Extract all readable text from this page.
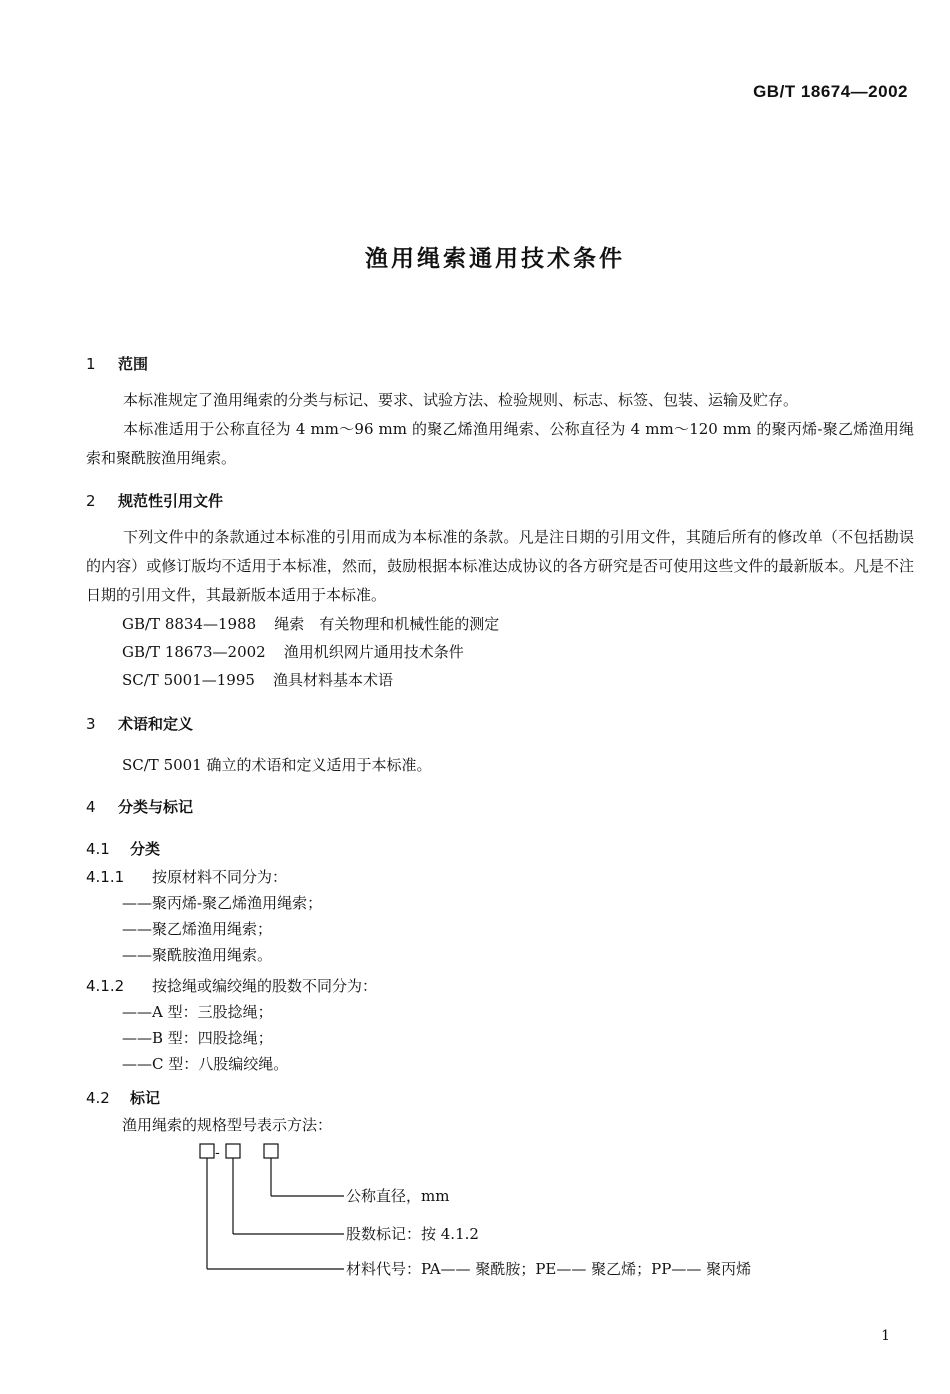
GB/T 18674—2002
渔用绳索通用技术条件
1 范围

本标准规定了渔用绳索的分类与标记、要求、试验方法、检验规则、标志、标签、包装、运输及贮存。

本标准适用于公称直径为 4 mm～96 mm 的聚乙烯渔用绳索、公称直径为 4 mm～120 mm 的聚丙烯-聚乙烯渔用绳索和聚酰胺渔用绳索。

2 规范性引用文件

下列文件中的条款通过本标准的引用而成为本标准的条款。凡是注日期的引用文件，其随后所有的修改单（不包括勘误的内容）或修订版均不适用于本标准，然而，鼓励根据本标准达成协议的各方研究是否可使用这些文件的最新版本。凡是不注日期的引用文件，其最新版本适用于本标准。

GB/T 8834—1988 绳索　有关物理和机械性能的测定
GB/T 18673—2002 渔用机织网片通用技术条件
SC/T 5001—1995 渔具材料基本术语
3 术语和定义
SC/T 5001 确立的术语和定义适用于本标准。
4 分类与标记
4.1 分类
4.1.1 按原材料不同分为：
——聚丙烯-聚乙烯渔用绳索；
——聚乙烯渔用绳索；
——聚酰胺渔用绳索。
4.1.2 按捻绳或编绞绳的股数不同分为：
——A 型：三股捻绳；
——B 型：四股捻绳；
——C 型：八股编绞绳。
4.2 标记
渔用绳索的规格型号表示方法：
-
公称直径，mm
股数标记：按 4.1.2
材料代号：PA—— 聚酰胺；PE—— 聚乙烯；PP—— 聚丙烯
1
